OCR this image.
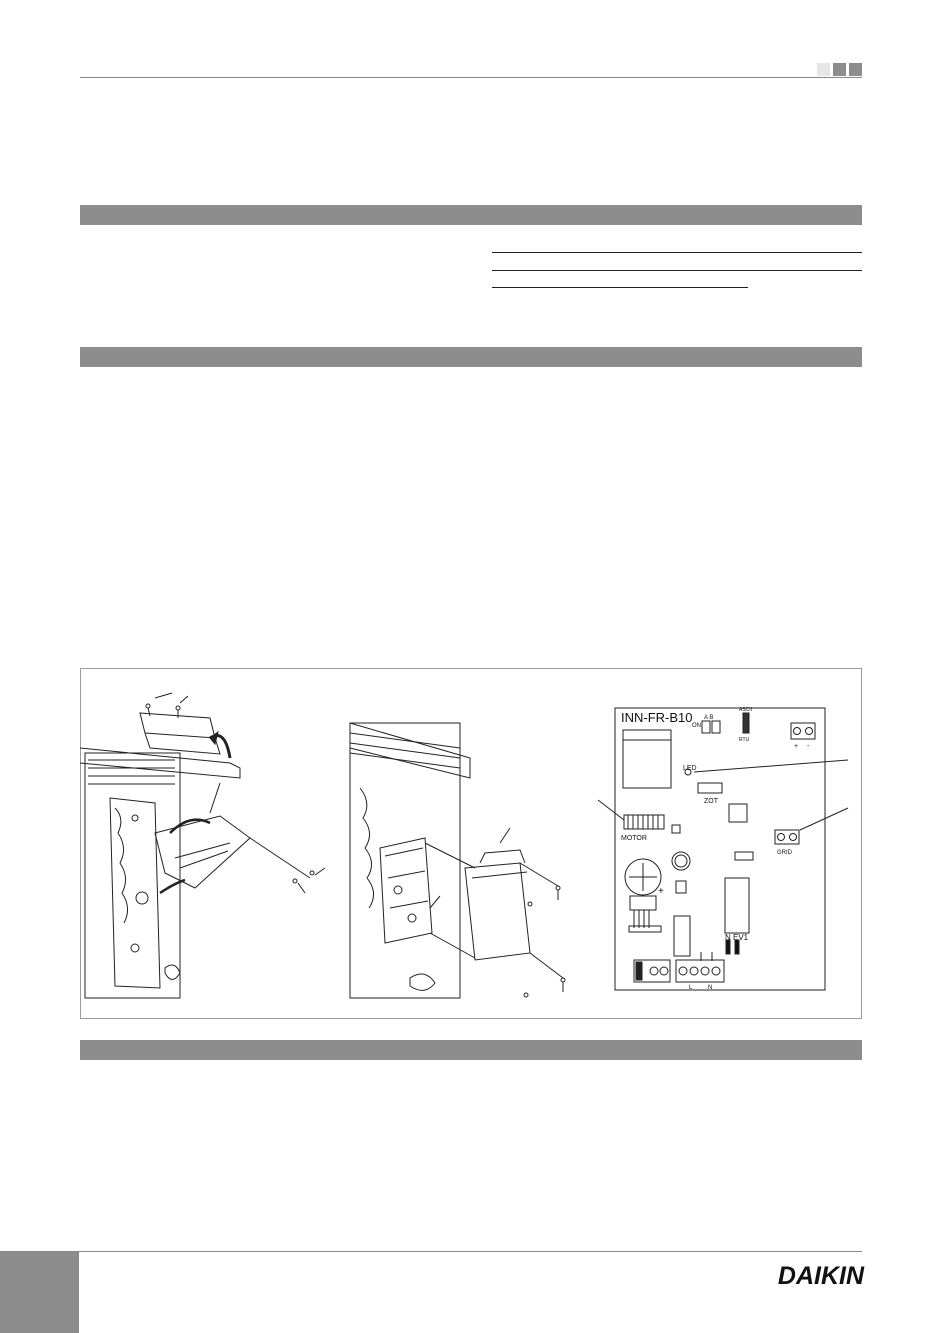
INN-FR-B10
ON
A B
ASCII
RTU
+ -
LED
ZOT
MOTOR
GRID
N EV1
+
L	N
DAIKIN
